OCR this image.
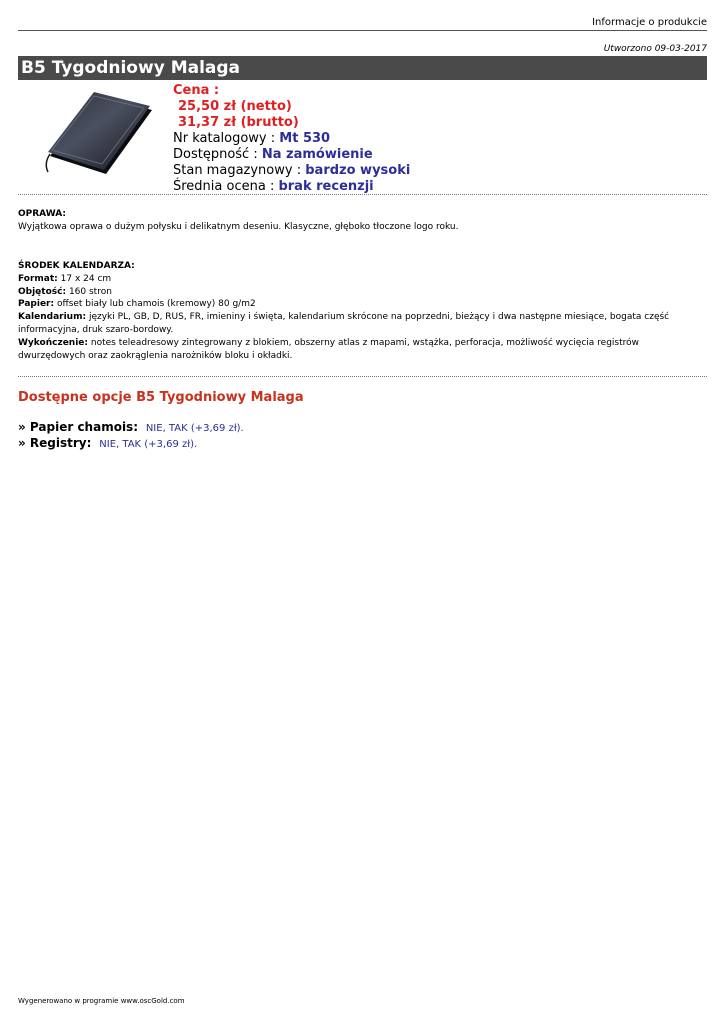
Informacje o produkcie
Utworzono 09-03-2017
B5 Tygodniowy Malaga
Cena :
25,50 zł (netto)
31,37 zł (brutto)
Nr katalogowy : Mt 530
Dostępność : Na zamówienie
Stan magazynowy : bardzo wysoki
Średnia ocena : brak recenzji
OPRAWA:
Wyjątkowa oprawa o dużym połysku i delikatnym deseniu. Klasyczne, głęboko tłoczone logo roku.
ŚRODEK KALENDARZA:
Format: 17 x 24 cm
Objętość: 160 stron
Papier: offset biały lub chamois (kremowy) 80 g/m2
Kalendarium: języki PL, GB, D, RUS, FR, imieniny i święta, kalendarium skrócone na poprzedni, bieżący i dwa następne miesiące, bogata część informacyjna, druk szaro-bordowy.
Wykończenie: notes teleadresowy zintegrowany z blokiem, obszerny atlas z mapami, wstążka, perforacja, możliwość wycięcia registrów dwurzędowych oraz zaokrąglenia narożników bloku i okładki.
Dostępne opcje B5 Tygodniowy Malaga
» Papier chamois: NIE, TAK (+3,69 zł).
» Registry: NIE, TAK (+3,69 zł).
Wygenerowano w programie www.oscGold.com
